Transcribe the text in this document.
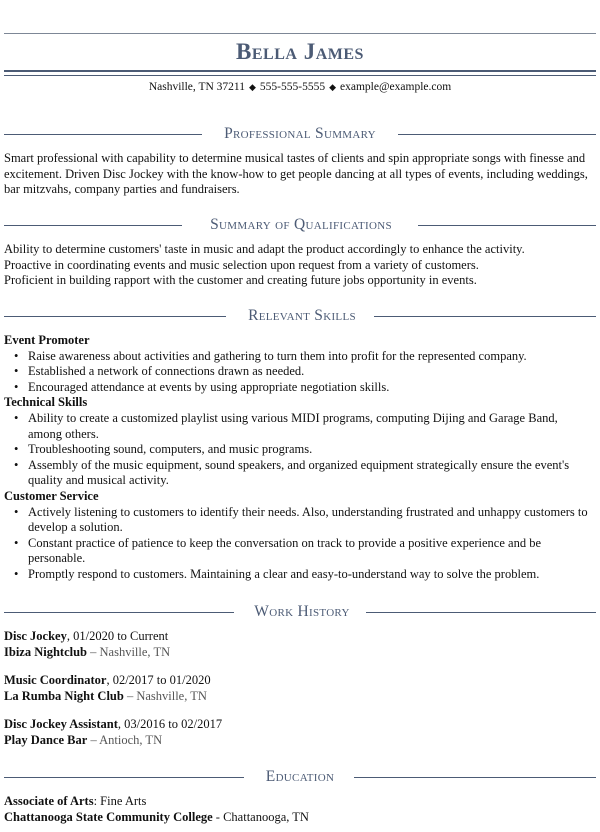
Bella James
Nashville, TN 37211 ◆ 555-555-5555 ◆ example@example.com
Professional Summary

Smart professional with capability to determine musical tastes of clients and spin appropriate songs with finesse and excitement. Driven Disc Jockey with the know-how to get people dancing at all types of events, including weddings, bar mitzvahs, company parties and fundraisers.

Summary of Qualifications

Ability to determine customers' taste in music and adapt the product accordingly to enhance the activity.

Proactive in coordinating events and music selection upon request from a variety of customers.

Proficient in building rapport with the customer and creating future jobs opportunity in events.

Relevant Skills

Event Promoter

• Raise awareness about activities and gathering to turn them into profit for the represented company.
• Established a network of connections drawn as needed.
• Encouraged attendance at events by using appropriate negotiation skills.

Technical Skills

• Ability to create a customized playlist using various MIDI programs, computing Dijing and Garage Band, among others.
• Troubleshooting sound, computers, and music programs.
• Assembly of the music equipment, sound speakers, and organized equipment strategically ensure the event's quality and musical activity.

Customer Service

• Actively listening to customers to identify their needs. Also, understanding frustrated and unhappy customers to develop a solution.
• Constant practice of patience to keep the conversation on track to provide a positive experience and be personable.
• Promptly respond to customers. Maintaining a clear and easy-to-understand way to solve the problem.
Work History
Disc Jockey, 01/2020 to Current
Ibiza Nightclub – Nashville, TN
Music Coordinator, 02/2017 to 01/2020
La Rumba Night Club – Nashville, TN
Disc Jockey Assistant, 03/2016 to 02/2017
Play Dance Bar – Antioch, TN
Education
Associate of Arts: Fine Arts
Chattanooga State Community College - Chattanooga, TN
